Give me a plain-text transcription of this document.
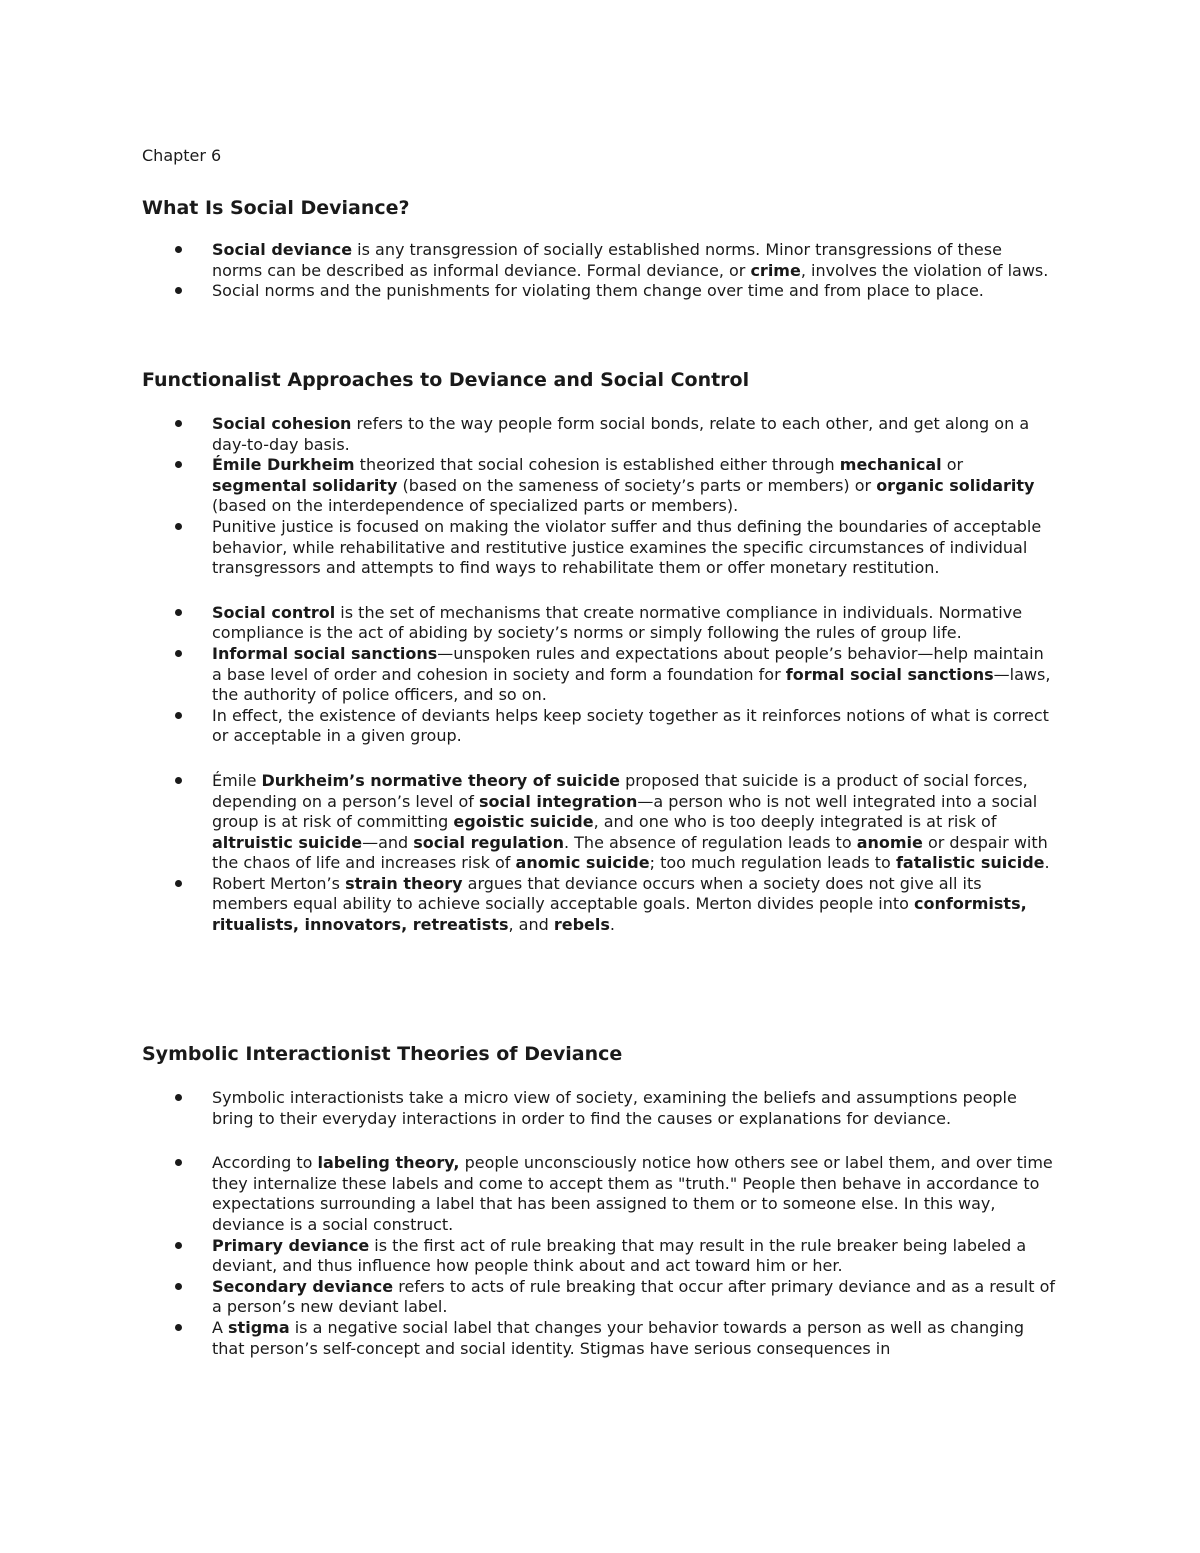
Chapter 6

What Is Social Deviance?
Social deviance is any transgression of socially established norms. Minor transgressions of these norms can be described as informal deviance. Formal deviance, or crime, involves the violation of laws.
Social norms and the punishments for violating them change over time and from place to place.
Functionalist Approaches to Deviance and Social Control
Social cohesion refers to the way people form social bonds, relate to each other, and get along on a day-to-day basis.
Émile Durkheim theorized that social cohesion is established either through mechanical or segmental solidarity (based on the sameness of society’s parts or members) or organic solidarity (based on the interdependence of specialized parts or members).
Punitive justice is focused on making the violator suffer and thus defining the boundaries of acceptable behavior, while rehabilitative and restitutive justice examines the specific circumstances of individual transgressors and attempts to find ways to rehabilitate them or offer monetary restitution.
Social control is the set of mechanisms that create normative compliance in individuals. Normative compliance is the act of abiding by society’s norms or simply following the rules of group life.
Informal social sanctions—unspoken rules and expectations about people’s behavior—help maintain a base level of order and cohesion in society and form a foundation for formal social sanctions—laws, the authority of police officers, and so on.
In effect, the existence of deviants helps keep society together as it reinforces notions of what is correct or acceptable in a given group.
Émile Durkheim’s normative theory of suicide proposed that suicide is a product of social forces, depending on a person’s level of social integration—a person who is not well integrated into a social group is at risk of committing egoistic suicide, and one who is too deeply integrated is at risk of altruistic suicide—and social regulation. The absence of regulation leads to anomie or despair with the chaos of life and increases risk of anomic suicide; too much regulation leads to fatalistic suicide.
Robert Merton’s strain theory argues that deviance occurs when a society does not give all its members equal ability to achieve socially acceptable goals. Merton divides people into conformists, ritualists, innovators, retreatists, and rebels.
Symbolic Interactionist Theories of Deviance
Symbolic interactionists take a micro view of society, examining the beliefs and assumptions people bring to their everyday interactions in order to find the causes or explanations for deviance.
According to labeling theory, people unconsciously notice how others see or label them, and over time they internalize these labels and come to accept them as "truth." People then behave in accordance to expectations surrounding a label that has been assigned to them or to someone else. In this way, deviance is a social construct.
Primary deviance is the first act of rule breaking that may result in the rule breaker being labeled a deviant, and thus influence how people think about and act toward him or her.
Secondary deviance refers to acts of rule breaking that occur after primary deviance and as a result of a person’s new deviant label.
A stigma is a negative social label that changes your behavior towards a person as well as changing that person’s self-concept and social identity. Stigmas have serious consequences in
